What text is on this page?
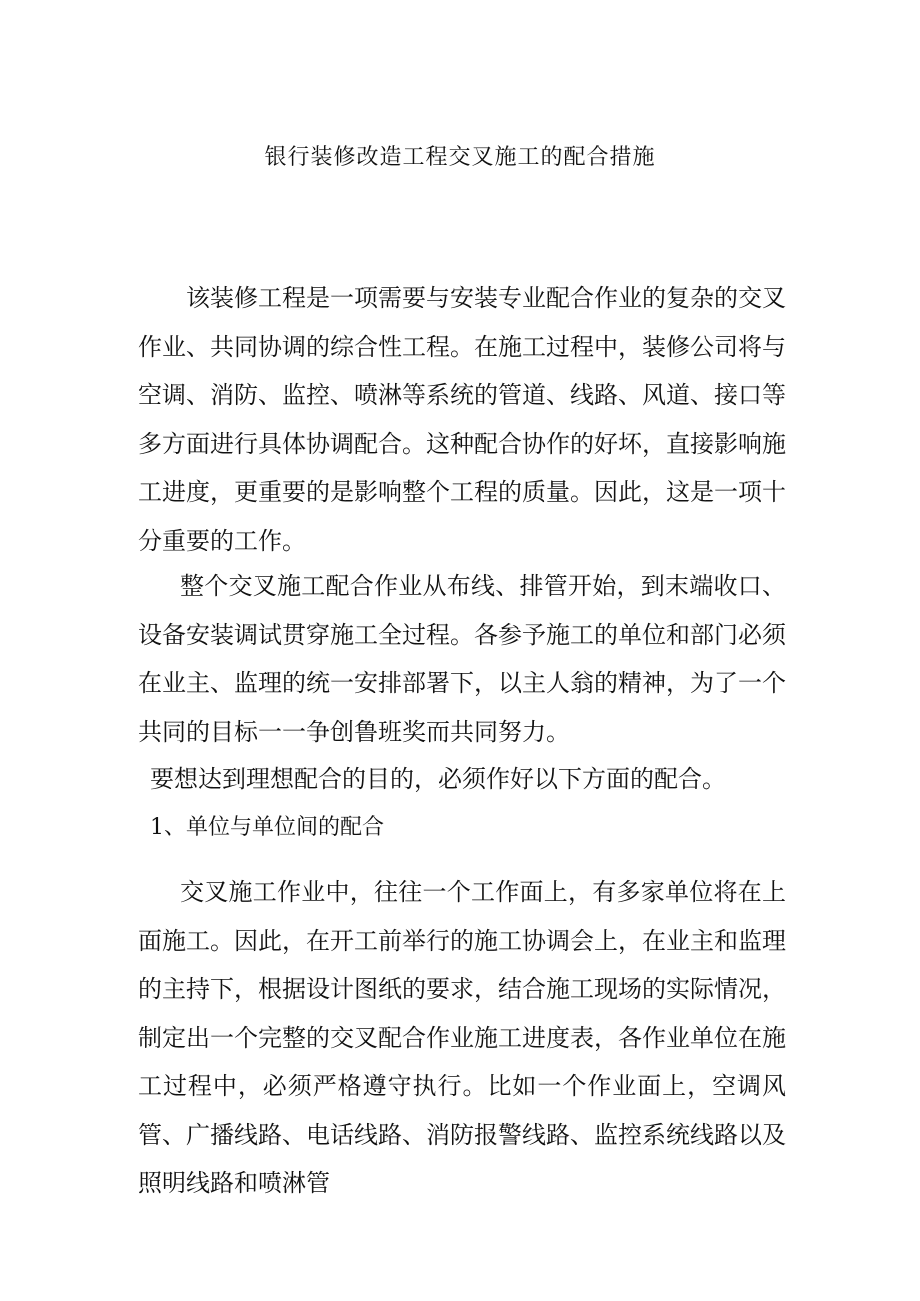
银行装修改造工程交叉施工的配合措施

该装修工程是一项需要与安装专业配合作业的复杂的交叉作业、共同协调的综合性工程。在施工过程中，装修公司将与空调、消防、监控、喷淋等系统的管道、线路、风道、接口等多方面进行具体协调配合。这种配合协作的好坏，直接影响施工进度，更重要的是影响整个工程的质量。因此，这是一项十分重要的工作。

整个交叉施工配合作业从布线、排管开始，到末端收口、设备安装调试贯穿施工全过程。各参予施工的单位和部门必须在业主、监理的统一安排部署下，以主人翁的精神，为了一个共同的目标一一争创鲁班奖而共同努力。

要想达到理想配合的目的，必须作好以下方面的配合。

1、单位与单位间的配合

交叉施工作业中，往往一个工作面上，有多家单位将在上面施工。因此，在开工前举行的施工协调会上，在业主和监理的主持下，根据设计图纸的要求，结合施工现场的实际情况，制定出一个完整的交叉配合作业施工进度表，各作业单位在施工过程中，必须严格遵守执行。比如一个作业面上，空调风管、广播线路、电话线路、消防报警线路、监控系统线路以及照明线路和喷淋管
